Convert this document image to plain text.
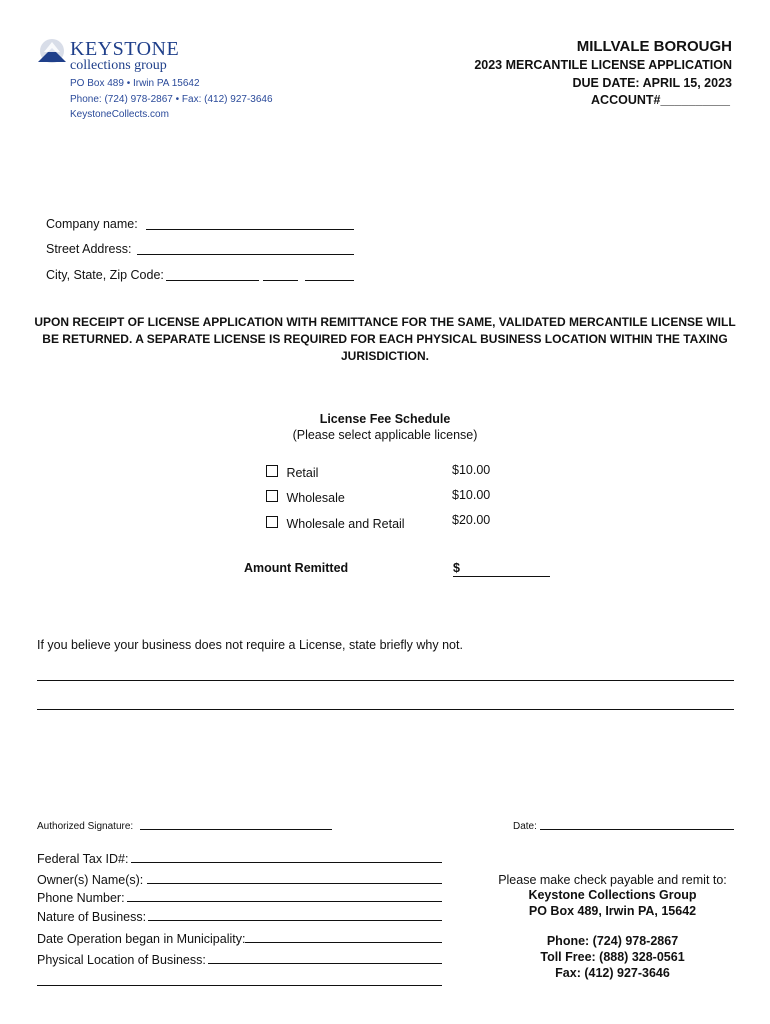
KEYSTONE
collections group
PO Box 489 • Irwin PA 15642
Phone: (724) 978-2867 • Fax: (412) 927-3646
KeystoneCollects.com
MILLVALE BOROUGH
2023 MERCANTILE LICENSE APPLICATION
DUE DATE: APRIL 15, 2023
ACCOUNT#__________
Company name:
Street Address:
City, State, Zip Code:
UPON RECEIPT OF LICENSE APPLICATION WITH REMITTANCE FOR THE SAME, VALIDATED MERCANTILE LICENSE WILL BE RETURNED. A SEPARATE LICENSE IS REQUIRED FOR EACH PHYSICAL BUSINESS LOCATION WITHIN THE TAXING JURISDICTION.
License Fee Schedule
(Please select applicable license)
Retail	$10.00
Wholesale	$10.00
Wholesale and Retail	$20.00
Amount Remitted	$
If you believe your business does not require a License, state briefly why not.
Authorized Signature:	Date:
Federal Tax ID#:
Owner(s) Name(s):
Phone Number:
Nature of Business:
Date Operation began in Municipality:
Physical Location of Business:
Please make check payable and remit to:
Keystone Collections Group
PO Box 489, Irwin PA, 15642
Phone: (724) 978-2867
Toll Free: (888) 328-0561
Fax: (412) 927-3646
